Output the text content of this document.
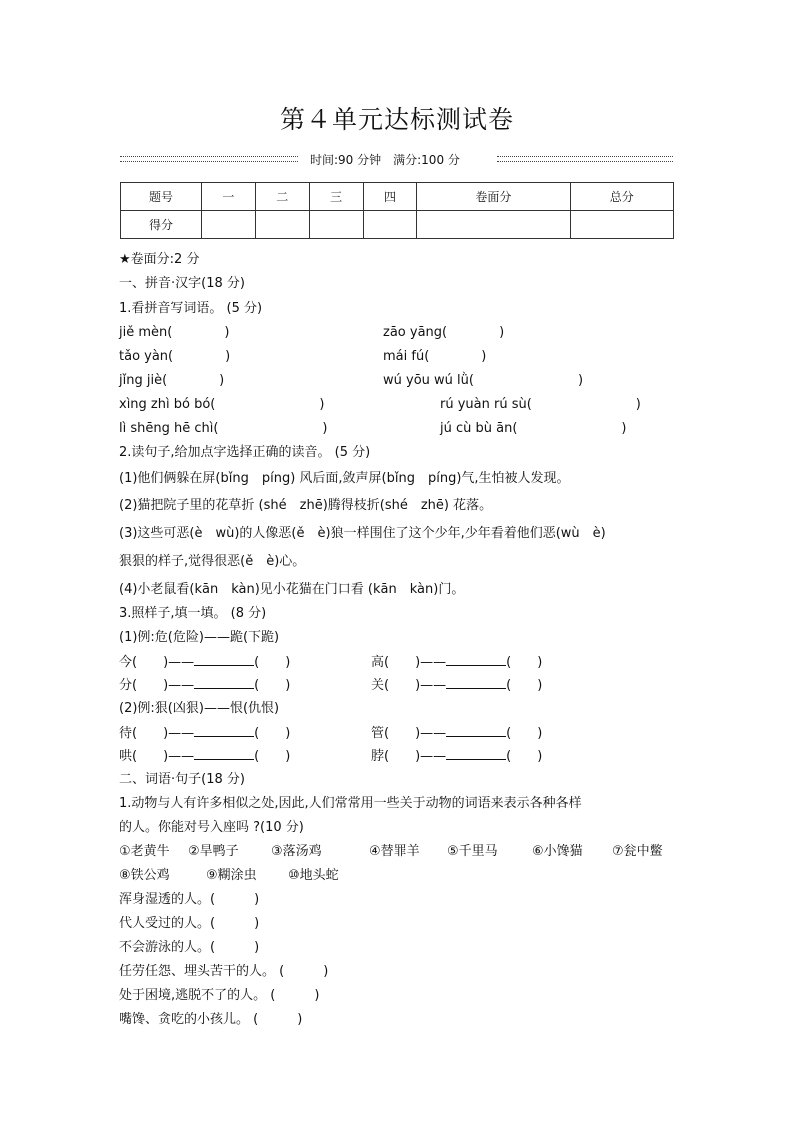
第４单元达标测试卷
时间:90 分钟　满分:100 分
题号	一	二	三	四	卷面分	总分
得分						
★卷面分:2 分
一、拼音·汉字(18 分)
1.看拼音写词语。 (5 分)
jiě mèn(　　　　)	zāo yāng(　　　　)
tǎo yàn(　　　　)	mái fú(　　　　)
jǐng jiè(　　　　)	wú yōu wú lǜ(　　　　　　　　)
xìng zhì bó bó(　　　　　　　　)	rú yuàn rú sù(　　　　　　　　)
lì shēng hē chì(　　　　　　　　)	jú cù bù ān(　　　　　　　　)
2.读句子,给加点字选择正确的读音。 (5 分)
(1)他们俩躲在屏(bǐng　píng) 风后面,敛声屏(bǐng　píng)气,生怕被人发现。
(2)猫把院子里的花草折 (shé　zhē)腾得枝折(shé　zhē) 花落。
(3)这些可恶(è　wù)的人像恶(ě　è)狼一样围住了这个少年,少年看着他们恶(wù　è)
狠狠的样子,觉得很恶(ě　è)心。
(4)小老鼠看(kān　kàn)见小花猫在门口看 (kān　kàn)门。
3.照样子,填一填。 (8 分)
(1)例:危(危险)——跪(下跪)
今(　　)——	(　　)	高(　　)——	(　　)
分(　　)——	(　　)	关(　　)——	(　　)
(2)例:狠(凶狠)——恨(仇恨)
待(　　)——	(　　)	管(　　)——	(　　)
哄(　　)——	(　　)	脖(　　)——	(　　)
二、词语·句子(18 分)
1.动物与人有许多相似之处,因此,人们常常用一些关于动物的词语来表示各种各样
的人。你能对号入座吗 ?(10 分)
①老黄牛 ②旱鸭子 ③落汤鸡	④替罪羊 ⑤千里马	⑥小馋猫 ⑦瓮中鳖
⑧铁公鸡	⑨糊涂虫 ⑩地头蛇
浑身湿透的人。(　　　)
代人受过的人。(　　　)
不会游泳的人。(　　　)
任劳任怨、埋头苦干的人。 (　　　)
处于困境,逃脱不了的人。 (　　　)
嘴馋、贪吃的小孩儿。 (　　　)
